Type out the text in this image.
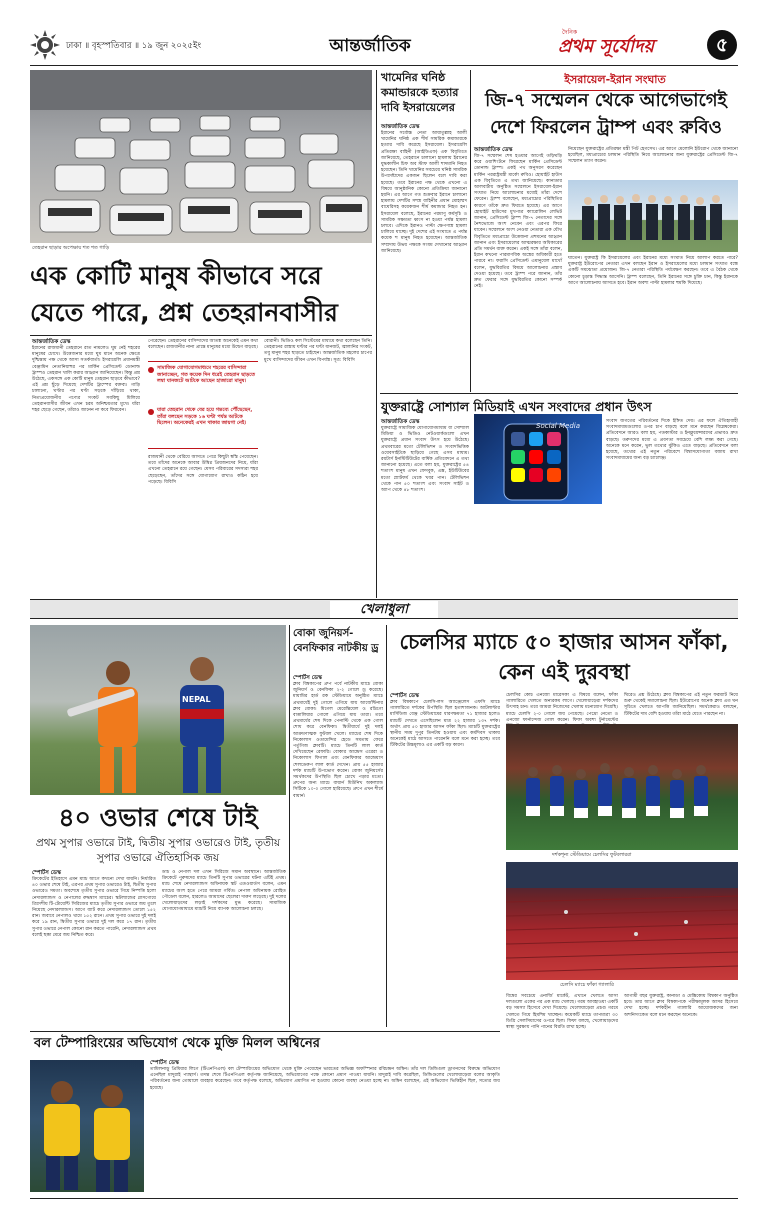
ঢাকা ॥ বৃহস্পতিবার ॥ ১৯ জুন ২০২৫ইং	আন্তর্জাতিক
দৈনিক
প্রথম সূর্যোদয়	৫
তেহরান ছাড়ার অপেক্ষায় শত শত গাড়ি
এক কোটি মানুষ কীভাবে সরে যেতে পারে, প্রশ্ন তেহরানবাসীর
আন্তর্জাতিক ডেস্ক
ইরানের রাজধানী তেহরানে রাত নামলেও ঘুম নেই শহরের মানুষের চোখে। উত্তেজনার মধ্যে ঘুম মানে অনেক ক্ষেত্রে দুশ্চিন্তায় পক্ষ থেকে আসা সতর্কবার্তা। ইসরায়েলি প্রধানমন্ত্রী বেঞ্জামিন নেতানিয়াহুর পর মার্কিন প্রেসিডেন্ট ডোনাল্ড ট্রাম্পও তেহরান খালি করার আহ্বান জানিয়েছেন। কিন্তু প্রশ্ন উঠেছে, একসঙ্গে এক কোটি মানুষ তেহরান ছাড়বে কীভাবে? এই প্রশ্ন ছুঁড়ে দিয়েছে দেশটির ট্রাম্পের বক্তব্য। গাড়ি চালানো, ঘণ্টার পর ঘণ্টা সড়কে দাঁড়িয়ে থাকা, নিত্যপ্রয়োজনীয় পণ্যের সংকট সবকিছু মিলিয়ে তেহরানবাসীর জীবন এখন চরম অনিশ্চয়তার মুখে। যাঁরা শহর ছেড়ে গেছেন, তাঁরাও জানেন না কবে ফিরবেন।
পেরেছেন। তেহরানের বাসিন্দাদের আতঙ্ক অনেকেই এমন কথা বলেছেন। রাজধানীর নানা প্রান্তে মানুষের মধ্যে উদ্বেগ বাড়ছে।
সামাজিক যোগাযোগমাধ্যমে শহরের বাসিন্দারা জানাচ্ছেন, গত কয়েক দিন ধরেই তেহরান ছাড়তে লম্বা যানজটে আটকে আছেন হাজারো মানুষ।
যারা তেহরান থেকে বের হয়ে গন্তব্যে পৌঁছেছেন, তাঁরা বলছেন সড়কে ১৬ ঘণ্টা পর্যন্ত আটকে ছিলেন। অনেকেরই এখন থাকার জায়গা নেই।
রাজধানী থেকে বেরিয়ে আসতে পেরে কিছুটা স্বস্তি পেয়েছেন। তবে তাঁদের অনেকে আবার উদ্বিগ্ন প্রিয়জনদের নিয়ে, যাঁরা এখনো তেহরানে রয়ে গেছেন। যেসব পরিবারের সদস্যরা শহর ছেড়েছেন, তাঁদের সঙ্গে যোগাযোগ রাখাও কঠিন হয়ে পড়েছে। বিবিসি
বোরানী। ভিডিও কল সিস্টেমের মাধ্যমে কথা বলেছেন তিনি। তেহরানের রাস্তায় ঘণ্টার পর ঘণ্টা যানজট, জ্বালানির সংকট, তবু মানুষ শহর ছাড়তে চাইছেন। আন্তর্জাতিক মহলের চাপের মুখে বাসিন্দাদের জীবন এখন বিপর্যস্ত। সূত্র: বিবিসি
খামেনির ঘনিষ্ঠ কমান্ডারকে হত্যার দাবি ইসরায়েলের
আন্তর্জাতিক ডেস্ক
ইরানের সর্বোচ্চ নেতা আয়াতুল্লাহ আলী খামেনির ঘনিষ্ঠ এক শীর্ষ সামরিক কমান্ডারকে হত্যার দাবি করেছে ইসরায়েল। ইসরায়েলি প্রতিরক্ষা বাহিনী (আইডিএফ) এক বিবৃতিতে জানিয়েছে, তেহরানে চালানো হামলায় ইরানের যুদ্ধকালীন চিফ অব স্টাফ আলী শাদমানি নিহত হয়েছেন। তিনি খামেনির সবচেয়ে ঘনিষ্ঠ সামরিক উপদেষ্টাদের একজন ছিলেন বলে দাবি করা হয়েছে। তবে ইরানের পক্ষ থেকে এখনো এ বিষয়ে আনুষ্ঠানিক কোনো প্রতিক্রিয়া জানানো হয়নি। এর আগে গত শুক্রবার ইরানে চালানো হামলায় দেশটির সশস্ত্র বাহিনীর প্রধান মোহাম্মদ বাঘেরিসহ কয়েকজন শীর্ষ কমান্ডার নিহত হন। ইসরায়েল বলেছে, ইরানের পরমাণু কর্মসূচি ও সামরিক সক্ষমতা ধ্বংস না হওয়া পর্যন্ত হামলা চলবে। এদিকে ইরানও পাল্টা ক্ষেপণাস্ত্র হামলা চালিয়ে যাচ্ছে। দুই দেশের এই সংঘাতে এ পর্যন্ত কয়েক শ মানুষ নিহত হয়েছেন। আন্তর্জাতিক সম্প্রদায় উভয় পক্ষকে সংযম দেখানোর আহ্বান জানিয়েছে।
ইসরায়েল-ইরান সংঘাত
জি-৭ সম্মেলন থেকে আগেভাগেই দেশে ফিরলেন ট্রাম্প এবং রুবিও
আন্তর্জাতিক ডেস্ক
জি-৭ সম্মেলন শেষ হওয়ার আগেই তড়িঘড়ি করে ওয়াশিংটনে ফিরেছেন মার্কিন প্রেসিডেন্ট ডোনাল্ড ট্রাম্প। একই পথ অনুসরণ করেছেন মার্কিন পররাষ্ট্রমন্ত্রী মার্কো রুবিও। হোয়াইট হাউস এক বিবৃতিতে এ তথ্য জানিয়েছে। কানাডার আলবার্টায় অনুষ্ঠিত সম্মেলনে ইসরায়েল-ইরান সংঘাত নিয়ে আলোচনার মধ্যেই তাঁরা দেশে ফেরেন। ট্রাম্প বলেছেন, মধ্যপ্রাচ্যের পরিস্থিতির কারণে তাঁকে দ্রুত ফিরতে হয়েছে। এর আগে হোয়াইট হাউসের মুখপাত্র ক্যারোলিন লেভিট জানান, প্রেসিডেন্ট ট্রাম্প জি-৭ নেতাদের সঙ্গে নৈশভোজে অংশ নেবেন এবং এরপর ফিরে যাবেন। সম্মেলনে অংশ নেওয়া নেতারা এক যৌথ বিবৃতিতে মধ্যপ্রাচ্যে উত্তেজনা প্রশমনের আহ্বান জানান এবং ইসরায়েলের আত্মরক্ষার অধিকারের প্রতি সমর্থন ব্যক্ত করেন। একই সঙ্গে তাঁরা বলেন, ইরান কখনো পারমাণবিক অস্ত্রের অধিকারী হতে পারবে না। ফরাসি প্রেসিডেন্ট এমানুয়েল মাখোঁ বলেন, যুদ্ধবিরতির বিষয়ে আলোচনার প্রস্তাব দেওয়া হয়েছে। তবে ট্রাম্প পরে জানান, তাঁর দ্রুত ফেরার সঙ্গে যুদ্ধবিরতির কোনো সম্পর্ক নেই।
নিয়েছেন যুক্তরাষ্ট্রের প্রতিরক্ষা মন্ত্রী পিট হেগসেথ। এর আগে মেলোনি ইউরোপ থেকে জানানো হয়েছিল, মধ্যপ্রাচ্যের চলমান পরিস্থিতি নিয়ে আলোচনার জন্য যুক্তরাষ্ট্রের প্রেসিডেন্ট জি-৭ সম্মেলন ত্যাগ করেন।
ঘাতেন। যুক্তরাষ্ট্র কি ইসরায়েলের এবং ইরানের মধ্যে সংঘাত নিয়ে আলাপ করতে পারে? যুক্তরাষ্ট্র ইউরোপের নেতারা এখন বলছেন ইরান ও ইসরায়েলের মধ্যে চলমান সংঘাত বন্ধে একটি সমঝোতা প্রয়োজন। জি-৭ নেতারা পরিস্থিতি পর্যবেক্ষণ করছেন। তবে এ বৈঠক থেকে কোনো চূড়ান্ত সিদ্ধান্ত আসেনি। ট্রাম্প বলেছেন, তিনি ইরানের সঙ্গে চুক্তি চান, কিন্তু ইরানকে আগে আলোচনায় আসতে হবে। ইরান অবশ্য পাল্টা হামলার হুমকি দিয়েছে।
যুক্তরাষ্ট্রে সোশ্যাল মিডিয়াই এখন সংবাদের প্রধান উৎস
আন্তর্জাতিক ডেস্ক
যুক্তরাষ্ট্রে সামাজিক যোগাযোগমাধ্যম বা সোশ্যাল মিডিয়া ও ভিডিও নেটওয়ার্কগুলো এখন যুক্তরাষ্ট্রে প্রধান সংবাদ উৎস হয়ে উঠেছে। প্রথমবারের মতো টেলিভিশন ও সংবাদভিত্তিক ওয়েবসাইটকে ছাড়িয়ে গেছে এসব মাধ্যম। রয়টার্স ইনস্টিটিউটের বার্ষিক প্রতিবেদনে এ তথ্য জানানো হয়েছে। এতে বলা হয়, যুক্তরাষ্ট্রের ৫৪ শতাংশ মানুষ এখন ফেসবুক, এক্স, ইউটিউবের মতো প্ল্যাটফর্ম থেকে খবর পান। টেলিভিশন থেকে পান ৫০ শতাংশ এবং সংবাদ সাইট ও অ্যাপ থেকে ৪৮ শতাংশ।
Social Media
সংবাদ জগতের পরিবর্তনের দিকে ইঙ্গিত দেয়। এর ফলে ঐতিহ্যবাহী সংবাদমাধ্যমগুলোর ওপর চাপ বাড়ছে বলে মনে করছেন বিশ্লেষকেরা। প্রতিবেদনে আরও বলা হয়, পডকাস্টার ও ইনফ্লুয়েন্সারদের প্রভাবও দ্রুত বাড়ছে। তরুণদের মধ্যে এ প্রবণতা সবচেয়ে বেশি লক্ষ্য করা গেছে। অনেকে মনে করেন, ভুল তথ্যের ঝুঁকিও এতে বাড়ছে। প্রতিবেদনে বলা হয়েছে, তথ্যের এই নতুন পরিবেশে বিশ্বাসযোগ্যতা বজায় রাখা সংবাদমাধ্যমের জন্য বড় চ্যালেঞ্জ।
খেলাধুলা
NEPAL
৪০ ওভার শেষে টাই
প্রথম সুপার ওভারে টাই, দ্বিতীয় সুপার ওভারেও টাই, তৃতীয় সুপার ওভারে ঐতিহাসিক জয়
স্পোর্টস ডেস্ক
ক্রিকেটের ইতিহাসে এমন ম্যাচ আগে কখনো দেখা যায়নি। নির্ধারিত ৪০ ওভার শেষে টাই, এরপর প্রথম সুপার ওভারেও টাই, দ্বিতীয় সুপার ওভারেও সমতা। অবশেষে তৃতীয় সুপার ওভারে গিয়ে নিষ্পত্তি হলো নেদারল্যান্ডস ও নেপালের রুদ্ধশ্বাস ম্যাচের। স্কটল্যান্ডের গ্লাসগোয়ে ত্রিদেশীয় টি-টোয়েন্টি সিরিজের ম্যাচে তৃতীয় সুপার ওভারে জয় তুলে নিয়েছে নেদারল্যান্ডস। আগে ব্যাট করে নেদারল্যান্ডস তোলে ১৫২ রান। জবাবে নেপালও থামে ১৫২ রানে। প্রথম সুপার ওভারে দুই দলই করে ১৯ রান, দ্বিতীয় সুপার ওভারে দুই দল করে ১৭ রান। তৃতীয় সুপার ওভারে নেপাল কোনো রান করতে পারেনি, নেদারল্যান্ডস প্রথম বলেই ছক্কা মেরে জয় নিশ্চিত করে।
ডাচ ও নেপাল দল এখন সিরিজে সমান অবস্থানে। আন্তর্জাতিক ক্রিকেটে পুরুষদের ম্যাচে তিনটি সুপার ওভারের ঘটনা এটিই প্রথম। ম্যাচ শেষে নেদারল্যান্ডস অধিনায়ক স্কট এডওয়ার্ডস বলেন, এমন ম্যাচের অংশ হতে পেরে আমরা গর্বিত। নেপাল অধিনায়ক রোহিত পৌডেল বলেন, হারলেও আমাদের ছেলেরা দারুণ লড়েছে। দুই দলের খেলোয়াড়দের লড়াই দর্শকদের মুগ্ধ করেছে। সামাজিক যোগাযোগমাধ্যমে ম্যাচটি নিয়ে ব্যাপক আলোচনা চলছে।
বোকা জুনিয়র্স-বেনফিকার নাটকীয় ড্র
স্পোর্টস ডেস্ক
ক্লাব বিশ্বকাপের গ্রুপ পর্বে নাটকীয় ম্যাচে বোকা জুনিয়র্স ও বেনফিকা ২-২ গোলে ড্র করেছে। মায়ামির হার্ড রক স্টেডিয়ামে অনুষ্ঠিত ম্যাচে প্রথমার্ধেই দুই গোলে এগিয়ে যায় আর্জেন্টিনার ক্লাব বোকা। মিগেল মেরেন্তিয়েল ও রদ্রিগো বাত্তালিয়ার গোলে এগিয়ে যায় তারা। তবে প্রথমার্ধের শেষ দিকে পেনাল্টি থেকে এক গোল শোধ করে বেনফিকা। দ্বিতীয়ার্ধে দুই দলই আক্রমণাত্মক ফুটবল খেলে। ম্যাচের শেষ দিকে নিকোলাস ওতামেন্দির হেডে সমতায় ফেরে পর্তুগিজ ক্লাবটি। ম্যাচে তিনটি লাল কার্ড দেখিয়েছেন রেফারি। বোকার আন্দ্রেস এরেরা ও নিকোলাস ফিগাল এবং বেনফিকার আন্দ্রেয়াস শেলডেরুপ লাল কার্ড দেখেন। প্রায় ৫৫ হাজার দর্শক ম্যাচটি উপভোগ করেন। বোকা জুনিয়র্সের সমর্থকদের উপস্থিতি ছিল চোখে পড়ার মতো। গ্রুপের অন্য ম্যাচে বায়ার্ন মিউনিখ অকল্যান্ড সিটিকে ১০-০ গোলে হারিয়েছে। গ্রুপে এখন শীর্ষে বায়ার্ন।
চেলসির ম্যাচে ৫০ হাজার আসন ফাঁকা, কেন এই দুরবস্থা
স্পোর্টস ডেস্ক
ক্লাব বিশ্বকাপে চেলসি-লস অ্যাঞ্জেলেস এফসি ম্যাচে গ্যালারিতে দর্শকের উপস্থিতি ছিল হতাশাজনক। আটলান্টার মার্সিডিজ বেঞ্জ স্টেডিয়ামের ধারণক্ষমতা ৭১ হাজার হলেও ম্যাচটি দেখতে এসেছিলেন মাত্র ২২ হাজার ১৩৭ দর্শক। অর্থাৎ প্রায় ৫০ হাজার আসন ফাঁকা ছিল। ম্যাচটি যুক্তরাষ্ট্রের স্থানীয় সময় দুপুর তিনটায় হওয়ায় এবং কর্মদিবস থাকায় অনেকেই মাঠে আসতে পারেননি বলে মনে করা হচ্ছে। তবে টিকিটের উচ্চমূল্যও এর একটি বড় কারণ।
চেলসির কোচ এনজো মারেসকা এ বিষয়ে বলেন, ফাঁকা গ্যালারিতে খেলতে অন্যরকম লাগে। খেলোয়াড়েরা দর্শকদের উৎসাহ চান। তবে আমরা নিজেদের খেলায় মনোযোগ দিয়েছি। ম্যাচে চেলসি ২-০ গোলে জয় পেয়েছে। পেদ্রো নেতো ও এনজো ফার্নান্দেজ গোল করেন। ফিফা অবশ্য টুর্নামেন্টের
ঘিরেও প্রশ্ন উঠেছে। ক্লাব বিশ্বকাপের এই নতুন ফরম্যাট নিয়ে শুরু থেকেই সমালোচনা ছিল। ইউরোপের অনেক ক্লাব এত ঘন সূচিতে খেলতে আপত্তি জানিয়েছিল। সমর্থকেরাও বলছেন, টিকিটের দাম বেশি হওয়ায় তাঁরা মাঠে যেতে পারছেন না।
দর্শকশূন্য স্টেডিয়ামে চেলসির ফুটবলাররা
চেলসি ম্যাচে ফাঁকা গ্যালারি
বিশ্বের সবচেয়ে এনার্জি মার্কেট, এখানে খেলতে আসা দলগুলো একের পর এক ম্যাচ খেলছে। গরম আবহাওয়া একটি বড় সমস্যা হিসেবে দেখা দিয়েছে। খেলোয়াড়েরা প্রচণ্ড গরমে খেলতে গিয়ে হিমশিম খাচ্ছেন। কয়েকটি ম্যাচে তাপমাত্রা ৩০ ডিগ্রি সেলসিয়াসের ওপরে ছিল। ফিফা বলছে, খেলোয়াড়দের স্বাস্থ্য সুরক্ষায় পানি পানের বিরতি রাখা হচ্ছে।
আগামী বছর যুক্তরাষ্ট্র, কানাডা ও মেক্সিকোয় বিশ্বকাপ অনুষ্ঠিত হবে। তার আগে ক্লাব বিশ্বকাপকে পরীক্ষামূলক আসর হিসেবে দেখা হচ্ছে। দর্শকহীন গ্যালারি আয়োজকদের জন্য অশনিসংকেত বলে মনে করছেন অনেকে।
বল টেম্পারিংয়ের অভিযোগ থেকে মুক্তি মিলল অশ্বিনের
স্পোর্টস ডেস্ক
তামিলনাড়ু প্রিমিয়ার লিগে (টিএনপিএল) বল টেম্পারিংয়ের অভিযোগ থেকে মুক্তি পেয়েছেন ভারতের অভিজ্ঞ অফস্পিনার রবিচন্দ্রন অশ্বিন। তাঁর দল ডিন্ডিগুল ড্রাগনসের বিরুদ্ধে অভিযোগ এনেছিল মাদুরাই প্যান্থার্স। তদন্ত শেষে টিএনপিএল কর্তৃপক্ষ জানিয়েছে, অভিযোগের পক্ষে কোনো প্রমাণ পাওয়া যায়নি। মাদুরাই দাবি করেছিল, ডিন্ডিগুলের খেলোয়াড়েরা বলের আকৃতি পরিবর্তনের জন্য তোয়ালে ব্যবহার করেছেন। তবে কর্তৃপক্ষ বলেছে, অভিযোগ প্রমাণিত না হওয়ায় কোনো ব্যবস্থা নেওয়া হচ্ছে না। অশ্বিন বলেছেন, এই অভিযোগ ভিত্তিহীন ছিল, সত্যের জয় হয়েছে।
